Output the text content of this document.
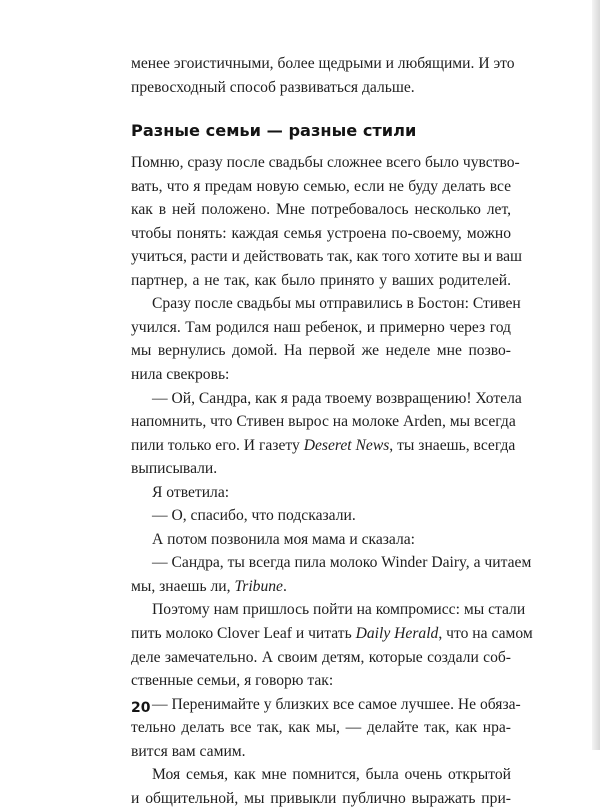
менее эгоистичными, более щедрыми и любящими. И это
превосходный способ развиваться дальше.
Разные семьи — разные стили
Помню, сразу после свадьбы сложнее всего было чувство-
вать, что я предам новую семью, если не буду делать все
как в ней положено. Мне потребовалось несколько лет,
чтобы понять: каждая семья устроена по-своему, можно
учиться, расти и действовать так, как того хотите вы и ваш
партнер, а не так, как было принято у ваших родителей.
Сразу после свадьбы мы отправились в Бостон: Стивен
учился. Там родился наш ребенок, и примерно через год
мы вернулись домой. На первой же неделе мне позво-
нила свекровь:
— Ой, Сандра, как я рада твоему возвращению! Хотела
напомнить, что Стивен вырос на молоке Arden, мы всегда
пили только его. И газету Deseret News, ты знаешь, всегда
выписывали.
Я ответила:
— О, спасибо, что подсказали.
А потом позвонила моя мама и сказала:
— Сандра, ты всегда пила молоко Winder Dairy, а читаем
мы, знаешь ли, Tribune.
Поэтому нам пришлось пойти на компромисс: мы стали
пить молоко Clover Leaf и читать Daily Herald, что на самом
деле замечательно. А своим детям, которые создали соб-
ственные семьи, я говорю так:
— Перенимайте у близких все самое лучшее. Не обяза-
тельно делать все так, как мы, — делайте так, как нра-
вится вам самим.
Моя семья, как мне помнится, была очень открытой
и общительной, мы привыкли публично выражать при-
20
